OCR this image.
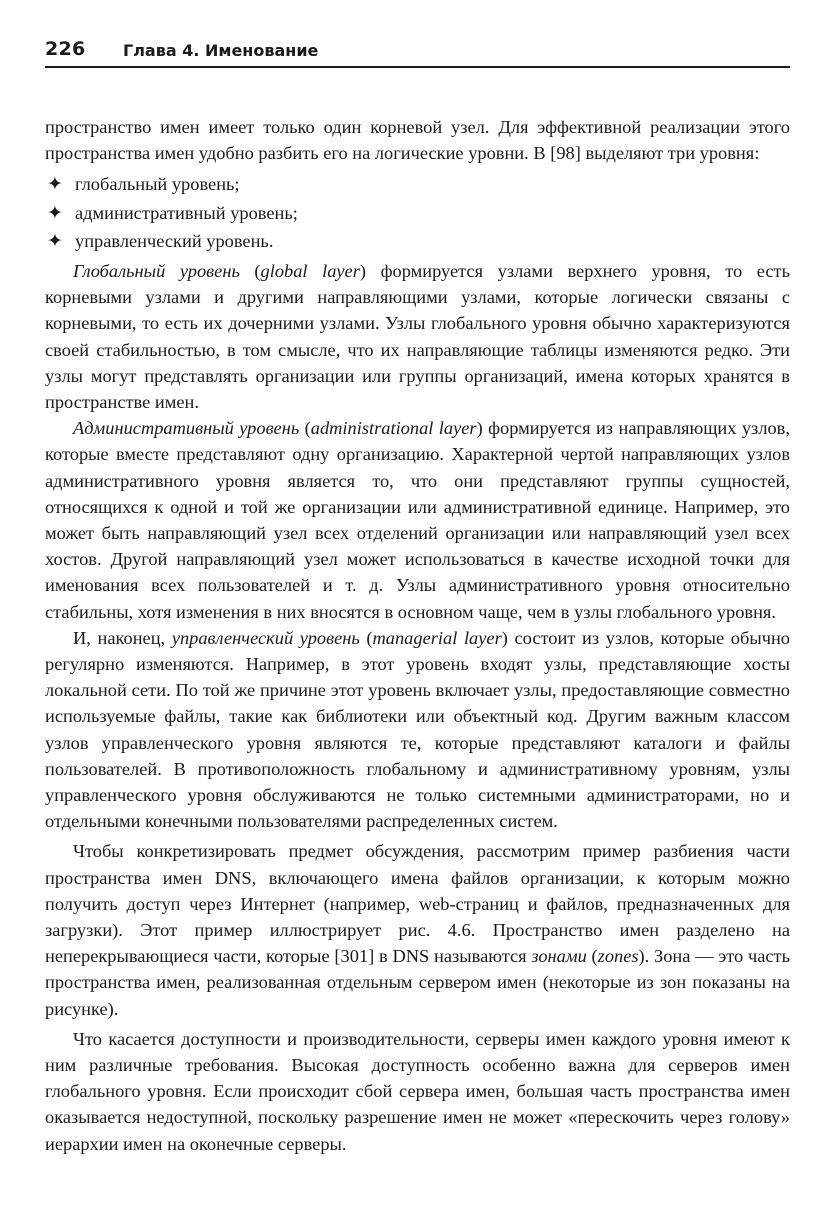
226 Глава 4. Именование

пространство имен имеет только один корневой узел. Для эффективной реализации этого пространства имен удобно разбить его на логические уровни. В [98] выделяют три уровня:

✦ глобальный уровень;
✦ административный уровень;
✦ управленческий уровень.

Глобальный уровень (global layer) формируется узлами верхнего уровня, то есть корневыми узлами и другими направляющими узлами, которые логически связаны с корневыми, то есть их дочерними узлами. Узлы глобального уровня обычно характеризуются своей стабильностью, в том смысле, что их направляющие таблицы изменяются редко. Эти узлы могут представлять организации или группы организаций, имена которых хранятся в пространстве имен.

Административный уровень (administrational layer) формируется из направляющих узлов, которые вместе представляют одну организацию. Характерной чертой направляющих узлов административного уровня является то, что они представляют группы сущностей, относящихся к одной и той же организации или административной единице. Например, это может быть направляющий узел всех отделений организации или направляющий узел всех хостов. Другой направляющий узел может использоваться в качестве исходной точки для именования всех пользователей и т. д. Узлы административного уровня относительно стабильны, хотя изменения в них вносятся в основном чаще, чем в узлы глобального уровня.

И, наконец, управленческий уровень (managerial layer) состоит из узлов, которые обычно регулярно изменяются. Например, в этот уровень входят узлы, представляющие хосты локальной сети. По той же причине этот уровень включает узлы, предоставляющие совместно используемые файлы, такие как библиотеки или объектный код. Другим важным классом узлов управленческого уровня являются те, которые представляют каталоги и файлы пользователей. В противоположность глобальному и административному уровням, узлы управленческого уровня обслуживаются не только системными администраторами, но и отдельными конечными пользователями распределенных систем.

Чтобы конкретизировать предмет обсуждения, рассмотрим пример разбиения части пространства имен DNS, включающего имена файлов организации, к которым можно получить доступ через Интернет (например, web-страниц и файлов, предназначенных для загрузки). Этот пример иллюстрирует рис. 4.6. Пространство имен разделено на неперекрывающиеся части, которые [301] в DNS называются зонами (zones). Зона — это часть пространства имен, реализованная отдельным сервером имен (некоторые из зон показаны на рисунке).

Что касается доступности и производительности, серверы имен каждого уровня имеют к ним различные требования. Высокая доступность особенно важна для серверов имен глобального уровня. Если происходит сбой сервера имен, большая часть пространства имен оказывается недоступной, поскольку разрешение имен не может «перескочить через голову» иерархии имен на оконечные серверы.
